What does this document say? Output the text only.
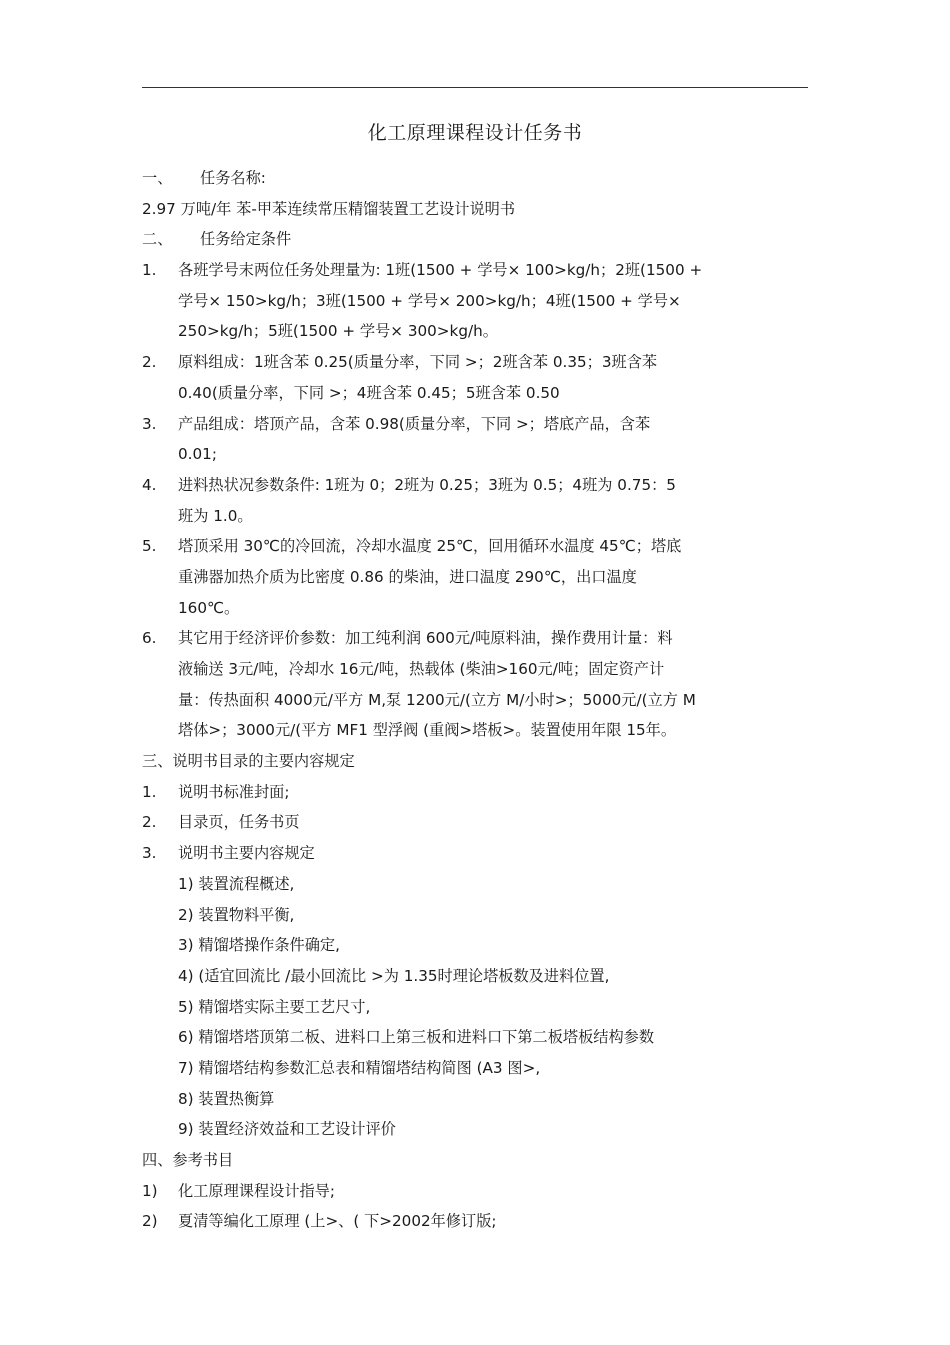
化工原理课程设计任务书
一、 任务名称:
2.97 万吨/年 苯-甲苯连续常压精馏装置工艺设计说明书
二、 任务给定条件
1. 各班学号末两位任务处理量为: 1班(1500 + 学号× 100>kg/h；2班(1500 +
学号× 150>kg/h；3班(1500 + 学号× 200>kg/h；4班(1500 + 学号×
250>kg/h；5班(1500 + 学号× 300>kg/h。
2. 原料组成：1班含苯 0.25(质量分率，下同 >；2班含苯 0.35；3班含苯
0.40(质量分率，下同 >；4班含苯 0.45；5班含苯 0.50
3. 产品组成：塔顶产品，含苯 0.98(质量分率，下同 >；塔底产品，含苯
0.01;
4. 进料热状况参数条件: 1班为 0；2班为 0.25；3班为 0.5；4班为 0.75：5
班为 1.0。
5. 塔顶采用 30℃的冷回流，冷却水温度 25℃，回用循环水温度 45℃；塔底
重沸器加热介质为比密度 0.86 的柴油，进口温度 290℃，出口温度
160℃。
6. 其它用于经济评价参数：加工纯利润 600元/吨原料油，操作费用计量：料
液输送 3元/吨，冷却水 16元/吨，热载体 (柴油>160元/吨；固定资产计
量：传热面积 4000元/平方 M,泵 1200元/(立方 M/小时>；5000元/(立方 M
塔体>；3000元/(平方 MF1 型浮阀 (重阀>塔板>。装置使用年限 15年。
三、说明书目录的主要内容规定
1. 说明书标准封面;
2. 目录页，任务书页
3. 说明书主要内容规定
1) 装置流程概述,
2) 装置物料平衡,
3) 精馏塔操作条件确定,
4) (适宜回流比 /最小回流比 >为 1.35时理论塔板数及进料位置,
5) 精馏塔实际主要工艺尺寸,
6) 精馏塔塔顶第二板、进料口上第三板和进料口下第二板塔板结构参数
7) 精馏塔结构参数汇总表和精馏塔结构简图 (A3 图>,
8) 装置热衡算
9) 装置经济效益和工艺设计评价
四、参考书目
1) 化工原理课程设计指导;
2) 夏清等编化工原理 (上>、( 下>2002年修订版;
